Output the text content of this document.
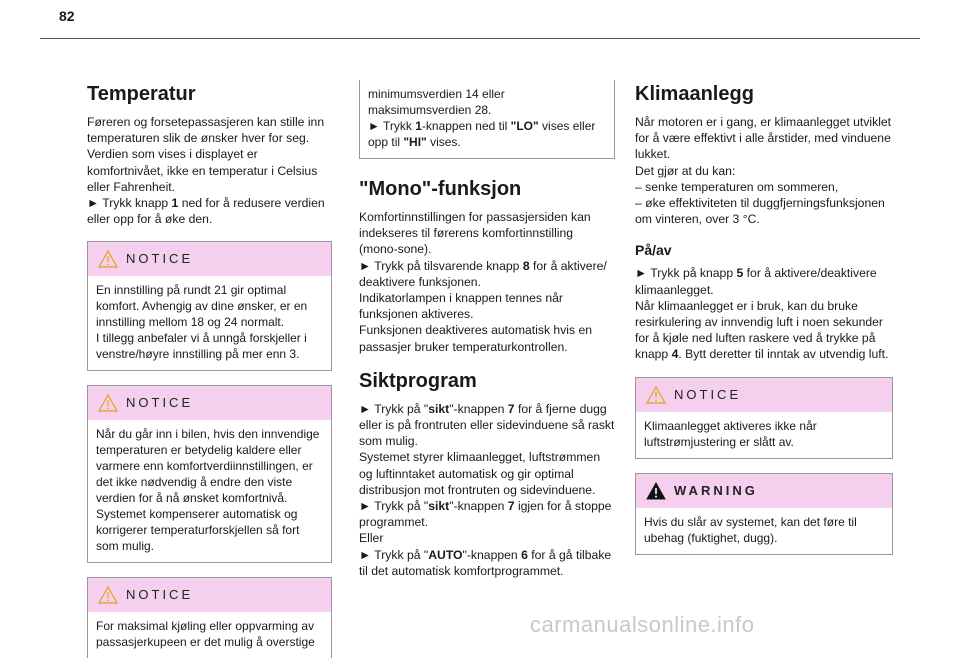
82
Temperatur

Føreren og forsetepassasjeren kan stille inn temperaturen slik de ønsker hver for seg.

Verdien som vises i displayet er komfortnivået, ikke en temperatur i Celsius eller Fahrenheit.

► Trykk knapp 1 ned for å redusere verdien eller opp for å øke den.

NOTICE

En innstilling på rundt 21 gir optimal komfort. Avhengig av dine ønsker, er en innstilling mellom 18 og 24 normalt.

I tillegg anbefaler vi å unngå forskjeller i venstre/høyre innstilling på mer enn 3.

NOTICE

Når du går inn i bilen, hvis den innvendige temperaturen er betydelig kaldere eller varmere enn komfortverdiinnstillingen, er det ikke nødvendig å endre den viste verdien for å nå ønsket komfortnivå. Systemet kompenserer automatisk og korrigerer temperaturforskjellen så fort som mulig.

NOTICE

For maksimal kjøling eller oppvarming av passasjerkupeen er det mulig å overstige

minimumsverdien 14 eller maksimumsverdien 28.

► Trykk 1-knappen ned til "LO" vises eller opp til "HI" vises.

"Mono"-funksjon

Komfortinnstillingen for passasjersiden kan indekseres til førerens komfortinnstilling (mono-sone).

► Trykk på tilsvarende knapp 8 for å aktivere/ deaktivere funksjonen.

Indikatorlampen i knappen tennes når funksjonen aktiveres.

Funksjonen deaktiveres automatisk hvis en passasjer bruker temperaturkontrollen.

Siktprogram

► Trykk på "sikt"-knappen 7 for å fjerne dugg eller is på frontruten eller sidevinduene så raskt som mulig.

Systemet styrer klimaanlegget, luftstrømmen og luftinntaket automatisk og gir optimal distribusjon mot frontruten og sidevinduene.

► Trykk på "sikt"-knappen 7 igjen for å stoppe programmet.

Eller

► Trykk på "AUTO"-knappen 6 for å gå tilbake til det automatisk komfortprogrammet.

Klimaanlegg

Når motoren er i gang, er klimaanlegget utviklet for å være effektivt i alle årstider, med vinduene lukket.

Det gjør at du kan:

– senke temperaturen om sommeren,

– øke effektiviteten til duggfjerningsfunksjonen om vinteren, over 3 °C.

På/av

► Trykk på knapp 5 for å aktivere/deaktivere klimaanlegget.

Når klimaanlegget er i bruk, kan du bruke resirkulering av innvendig luft i noen sekunder for å kjøle ned luften raskere ved å trykke på knapp 4. Bytt deretter til inntak av utvendig luft.

NOTICE

Klimaanlegget aktiveres ikke når luftstrømjustering er slått av.

WARNING

Hvis du slår av systemet, kan det føre til ubehag (fuktighet, dugg).

carmanualsonline.info
